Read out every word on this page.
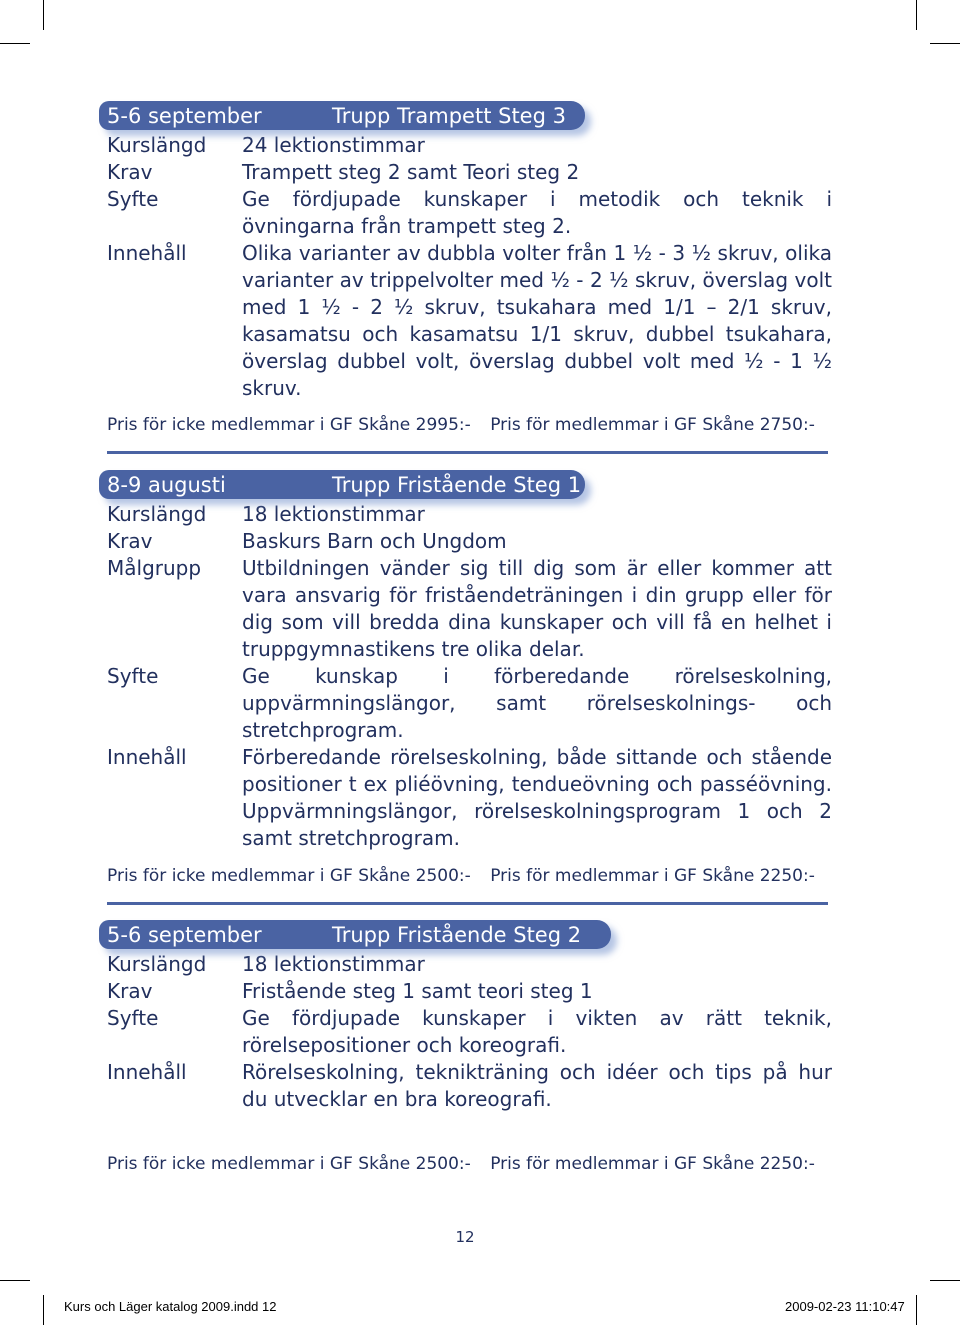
5-6 september	Trupp Trampett Steg 3
Kurslängd	24 lektionstimmar
Krav	Trampett steg 2 samt Teori steg 2
Syfte	Ge fördjupade kunskaper i metodik och teknik i övningarna från trampett steg 2.
Innehåll	Olika varianter av dubbla volter från 1 ½ - 3 ½ skruv, olika varianter av trippelvolter med ½ - 2 ½ skruv, överslag volt med 1 ½ - 2 ½ skruv, tsukahara med 1/1 – 2/1 skruv, kasamatsu och kasamatsu 1/1 skruv, dubbel tsukahara, överslag dubbel volt, överslag dubbel volt med ½ - 1 ½ skruv.
Pris för icke medlemmar i GF Skåne 2995:- Pris för medlemmar i GF Skåne 2750:-
8-9 augusti	Trupp Fristående Steg 1
Kurslängd	18 lektionstimmar
Krav	Baskurs Barn och Ungdom
Målgrupp	Utbildningen vänder sig till dig som är eller kommer att vara ansvarig för friståendeträningen i din grupp eller för dig som vill bredda dina kunskaper och vill få en helhet i truppgymnastikens tre olika delar.
Syfte	Ge kunskap i förberedande rörelseskolning, uppvärmningslängor, samt rörelseskolnings- och stretchprogram.
Innehåll	Förberedande rörelseskolning, både sittande och stående positioner t ex pliéövning, tendueövning och passéövning. Uppvärmningslängor, rörelseskolningsprogram 1 och 2 samt stretchprogram.
Pris för icke medlemmar i GF Skåne 2500:- Pris för medlemmar i GF Skåne 2250:-
5-6 september	Trupp Fristående Steg 2
Kurslängd	18 lektionstimmar
Krav	Fristående steg 1 samt teori steg 1
Syfte	Ge fördjupade kunskaper i vikten av rätt teknik, rörelsepositioner och koreografi.
Innehåll	Rörelseskolning, teknikträning och idéer och tips på hur du utvecklar en bra koreografi.
Pris för icke medlemmar i GF Skåne 2500:- Pris för medlemmar i GF Skåne 2250:-
12
Kurs och Läger katalog 2009.indd 12	2009-02-23 11:10:47
